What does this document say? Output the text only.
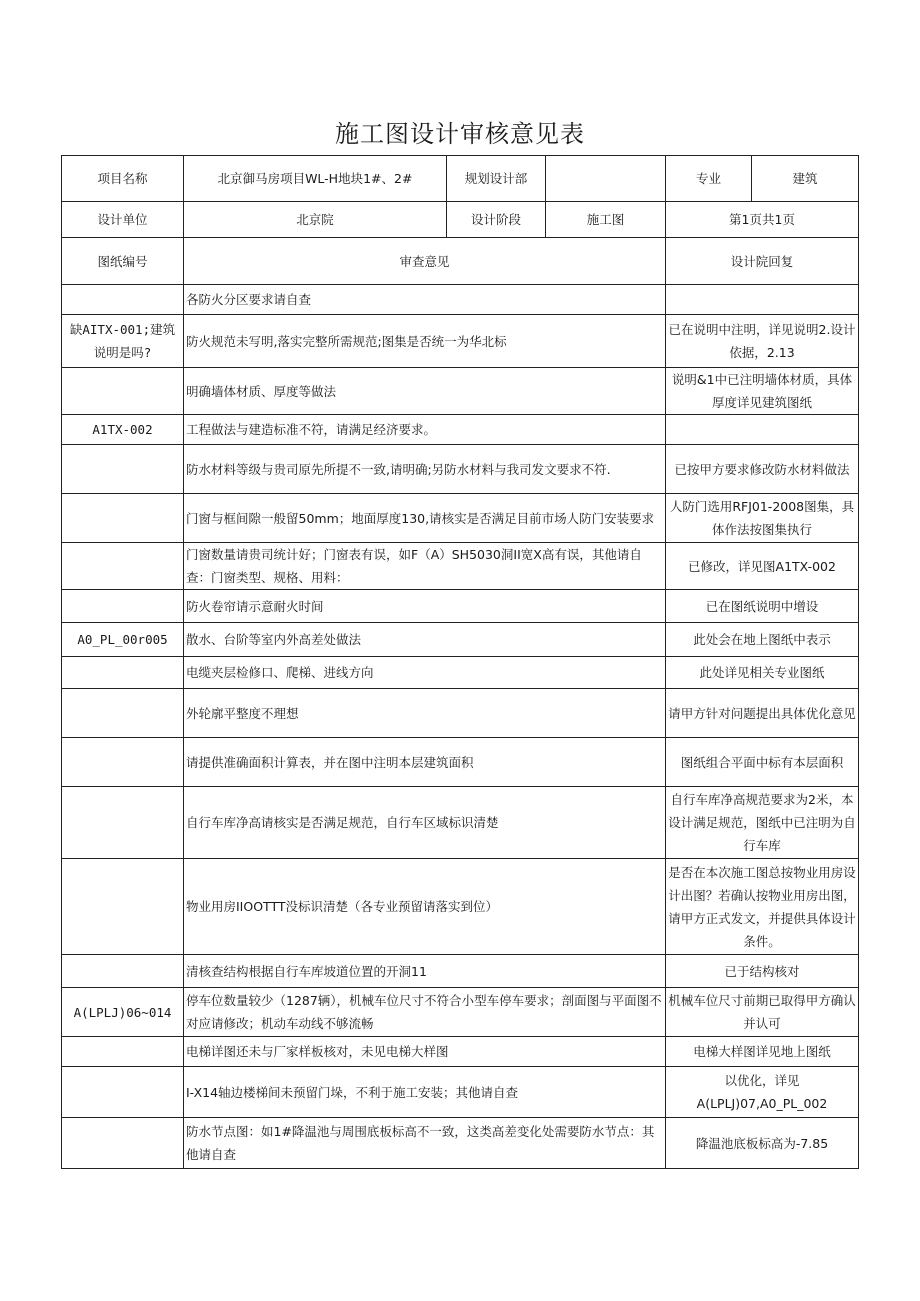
施工图设计审核意见表
项目名称	北京御马房项目WL-H地块1#、2#	规划设计部		专业	建筑
设计单位	北京院	设计阶段	施工图	第1页共1页	
图纸编号	审查意见			设计院回复	
	各防火分区要求请自查				
缺AITX-001;建筑说明是吗?	防火规范未写明,落实完整所需规范;图集是否统一为华北标			已在说明中注明，详见说明2.设计依据，2.13	
	明确墙体材质、厚度等做法			说明&1中已注明墙体材质，具体厚度详见建筑图纸	
A1TX-002	工程做法与建造标准不符，请满足经济要求。				
	防水材料等级与贵司原先所提不一致,请明确;另防水材料与我司发文要求不符.			已按甲方要求修改防水材料做法	
	门窗与框间隙一般留50mm；地面厚度130,请核实是否满足目前市场人防门安装要求			人防门选用RFJ01-2008图集，具体作法按图集执行	
	门窗数量请贵司统计好；门窗表有误，如F（A）SH5030洞II宽X高有误，其他请自查：门窗类型、规格、用料：			已修改，详见图A1TX-002	
	防火卷帘请示意耐火时间			已在图纸说明中增设	
A0_PL_00r005	散水、台阶等室内外高差处做法			此处会在地上图纸中表示	
	电缆夹层检修口、爬梯、进线方向			此处详见相关专业图纸	
	外轮廓平整度不理想			请甲方针对问题提出具体优化意见	
	请提供准确面积计算表，并在图中注明本层建筑面积			图纸组合平面中标有本层面积	
	自行车库净高请核实是否满足规范，自行车区域标识清楚			自行车库净高规范要求为2米，本设计满足规范，图纸中已注明为自行车库	
	物业用房IIOOTTT没标识清楚（各专业预留请落实到位）			是否在本次施工图总按物业用房设计出图？若确认按物业用房出图，请甲方正式发文，并提供具体设计条件。	
	清核查结构根据自行车库坡道位置的开洞11			已于结构核对	
A(LPLJ)06~014	停车位数量较少（1287辆），机械车位尺寸不符合小型车停车要求；剖面图与平面图不对应请修改；机动车动线不够流畅			机械车位尺寸前期已取得甲方确认并认可	
	电梯详图还未与厂家样板核对，未见电梯大样图			电梯大样图详见地上图纸	
	I-X14轴边楼梯间未预留门垛，不利于施工安装；其他请自查			以优化，详见A(LPLJ)07,A0_PL_002	
	防水节点图：如1#降温池与周围底板标高不一致，这类高差变化处需要防水节点：其他请自查			降温池底板标高为-7.85	
